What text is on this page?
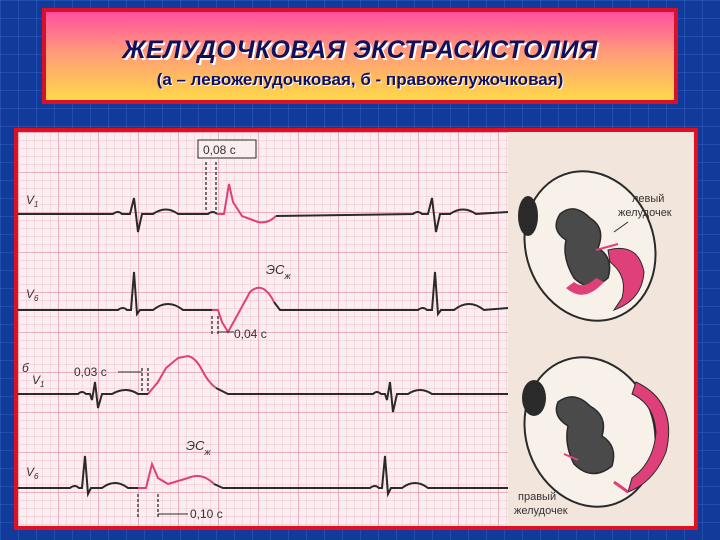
ЖЕЛУДОЧКОВАЯ ЭКСТРАСИСТОЛИЯ
(а – левожелудочковая, б - правожелужочковая)
0,08 с
0,04 с
$ЭС_ж$
$V_1$
$V_6$
0,03 с
0,10 с
$ЭС_ж$
б
$V_1$
$V_6$
левый
желудочек
правый
желудочек
